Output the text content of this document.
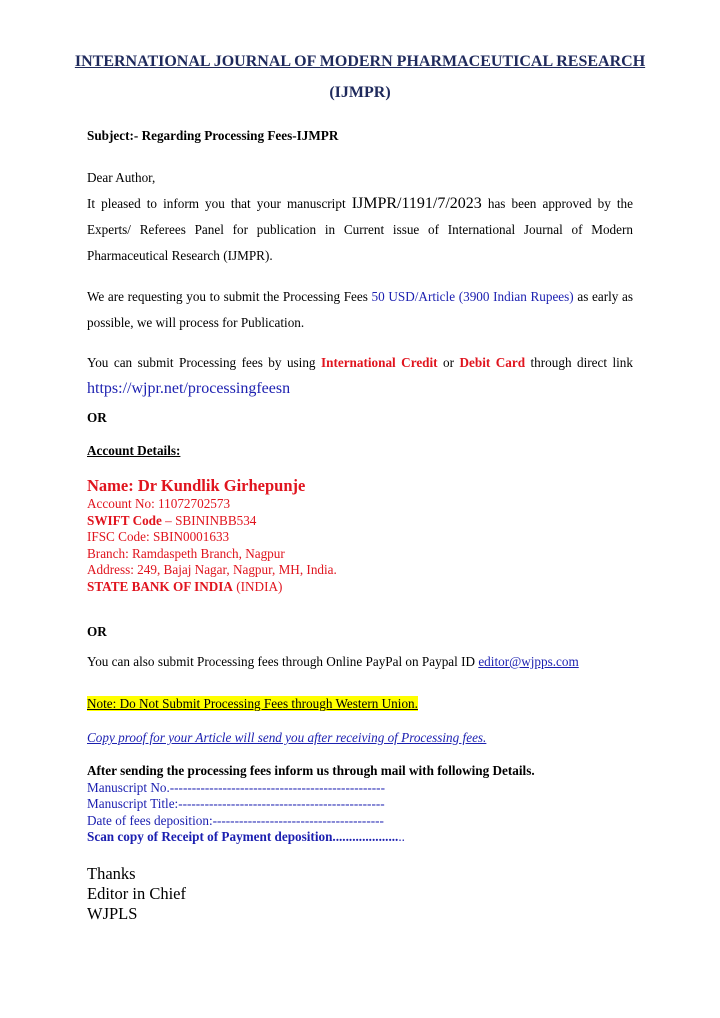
INTERNATIONAL JOURNAL OF MODERN PHARMACEUTICAL RESEARCH
(IJMPR)
Subject:- Regarding Processing Fees-IJMPR
Dear Author,
It pleased to inform you that your manuscript IJMPR/1191/7/2023 has been approved by the Experts/ Referees Panel for publication in Current issue of International Journal of Modern Pharmaceutical Research (IJMPR).
We are requesting you to submit the Processing Fees 50 USD/Article (3900 Indian Rupees) as early as possible, we will process for Publication.
You can submit Processing fees by using International Credit or Debit Card through direct link https://wjpr.net/processingfeesn
OR
Account Details:
Name: Dr Kundlik Girhepunje
Account No: 11072702573
SWIFT Code – SBININBB534
IFSC Code: SBIN0001633
Branch: Ramdaspeth Branch, Nagpur
Address: 249, Bajaj Nagar, Nagpur, MH, India.
STATE BANK OF INDIA (INDIA)
OR
You can also submit Processing fees through Online PayPal on Paypal ID editor@wjpps.com
Note: Do Not Submit Processing Fees through Western Union.
Copy proof for your Article will send you after receiving of Processing fees.
After sending the processing fees inform us through mail with following Details.
Manuscript No.-------------------------------------------------
Manuscript Title:-----------------------------------------------
Date of fees deposition:---------------------------------------
Scan copy of Receipt of Payment deposition......................
Thanks
Editor in Chief
WJPLS
